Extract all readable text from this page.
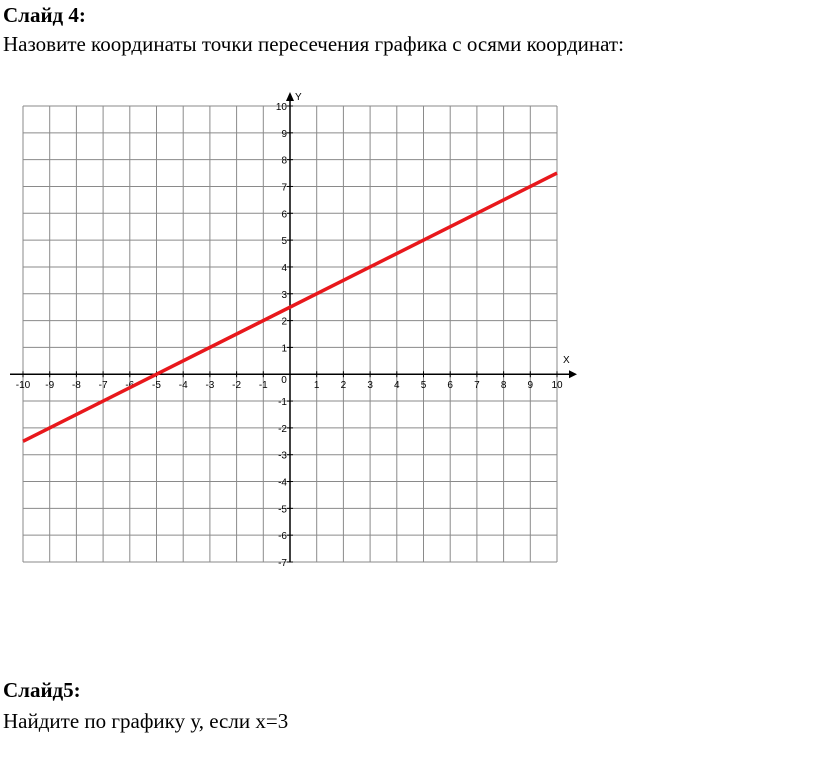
Слайд 4:
Назовите координаты точки пересечения графика с осями координат:
X
Y
-10 -9 -8 -7 -6 -5 -4 -3 -2 -1 0	1 2 3 4 5 6 7 8 9 10
-7
-6
-5
-4
-3
-2
-1
1
2
3
4
5
6
7
8
9
10
Слайд5:
Найдите по графику у, если х=3
